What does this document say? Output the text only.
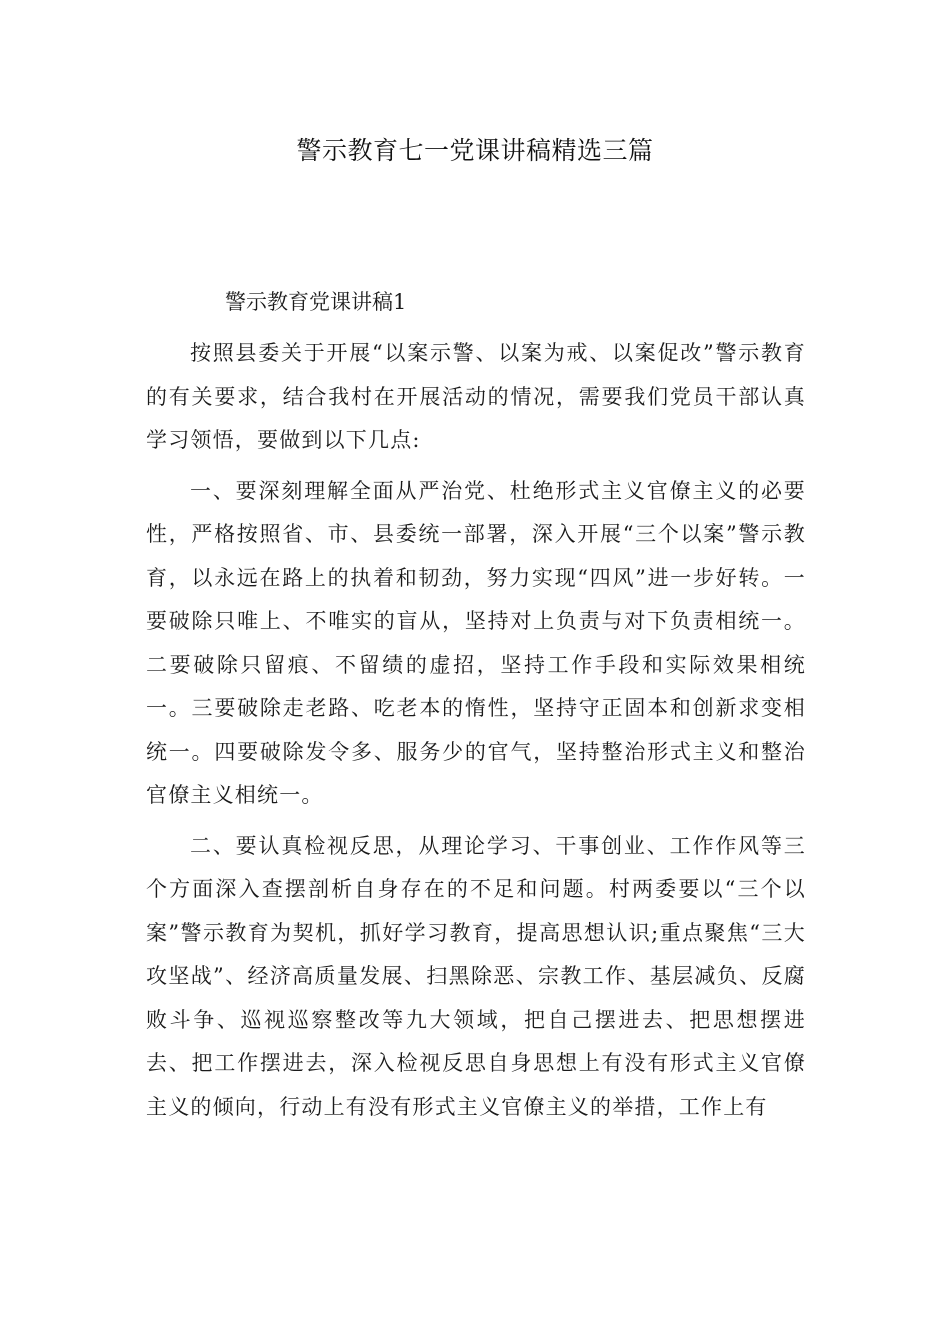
警示教育七一党课讲稿精选三篇
警示教育党课讲稿1

按照县委关于开展“以案示警、以案为戒、以案促改”警示教育的有关要求，结合我村在开展活动的情况，需要我们党员干部认真学习领悟，要做到以下几点:

一、要深刻理解全面从严治党、杜绝形式主义官僚主义的必要性，严格按照省、市、县委统一部署，深入开展“三个以案”警示教育，以永远在路上的执着和韧劲，努力实现“四风”进一步好转。一要破除只唯上、不唯实的盲从，坚持对上负责与对下负责相统一。二要破除只留痕、不留绩的虚招，坚持工作手段和实际效果相统一。三要破除走老路、吃老本的惰性，坚持守正固本和创新求变相统一。四要破除发令多、服务少的官气，坚持整治形式主义和整治官僚主义相统一。

二、要认真检视反思，从理论学习、干事创业、工作作风等三个方面深入查摆剖析自身存在的不足和问题。村两委要以“三个以案”警示教育为契机，抓好学习教育，提高思想认识;重点聚焦“三大攻坚战”、经济高质量发展、扫黑除恶、宗教工作、基层减负、反腐败斗争、巡视巡察整改等九大领域，把自己摆进去、把思想摆进去、把工作摆进去，深入检视反思自身思想上有没有形式主义官僚主义的倾向，行动上有没有形式主义官僚主义的举措，工作上有
